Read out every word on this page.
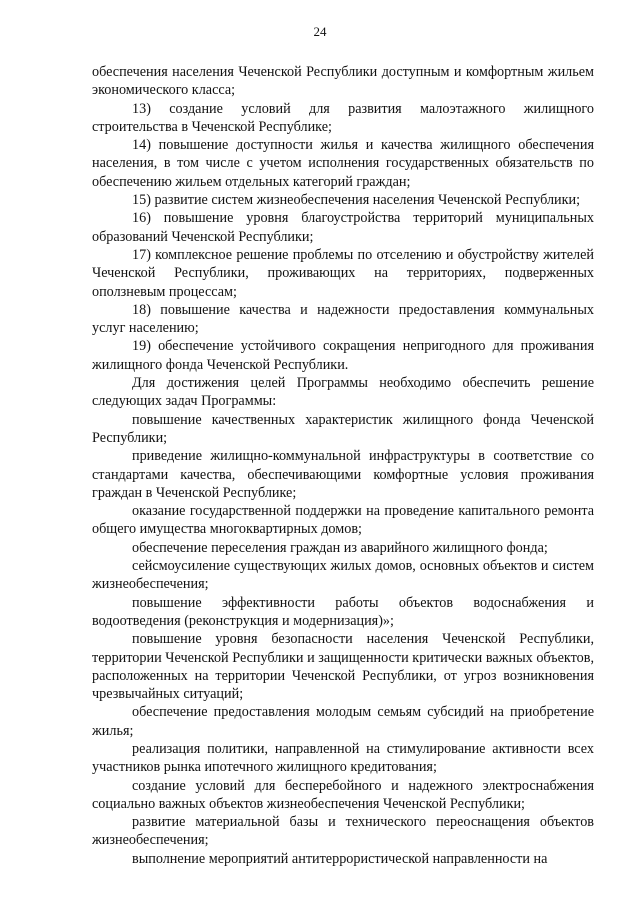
24

обеспечения населения Чеченской Республики доступным и комфортным жильем экономического класса;

13) создание условий для развития малоэтажного жилищного строительства в Чеченской Республике;

14) повышение доступности жилья и качества жилищного обеспечения населения, в том числе с учетом исполнения государственных обязательств по обеспечению жильем отдельных категорий граждан;

15) развитие систем жизнеобеспечения населения Чеченской Республики;

16) повышение уровня благоустройства территорий муниципальных образований Чеченской Республики;

17) комплексное решение проблемы по отселению и обустройству жителей Чеченской Республики, проживающих на территориях, подверженных оползневым процессам;

18) повышение качества и надежности предоставления коммунальных услуг населению;

19) обеспечение устойчивого сокращения непригодного для проживания жилищного фонда Чеченской Республики.

Для достижения целей Программы необходимо обеспечить решение следующих задач Программы:

повышение качественных характеристик жилищного фонда Чеченской Республики;

приведение жилищно-коммунальной инфраструктуры в соответствие со стандартами качества, обеспечивающими комфортные условия проживания граждан в Чеченской Республике;

оказание государственной поддержки на проведение капитального ремонта общего имущества многоквартирных домов;

обеспечение переселения граждан из аварийного жилищного фонда;

сейсмоусиление существующих жилых домов, основных объектов и систем жизнеобеспечения;

повышение эффективности работы объектов водоснабжения и водоотведения (реконструкция и модернизация)»;

повышение уровня безопасности населения Чеченской Республики, территории Чеченской Республики и защищенности критически важных объектов, расположенных на территории Чеченской Республики, от угроз возникновения чрезвычайных ситуаций;

обеспечение предоставления молодым семьям субсидий на приобретение жилья;

реализация политики, направленной на стимулирование активности всех участников рынка ипотечного жилищного кредитования;

создание условий для бесперебойного и надежного электроснабжения социально важных объектов жизнеобеспечения Чеченской Республики;

развитие материальной базы и технического переоснащения объектов жизнеобеспечения;

выполнение мероприятий антитеррористической направленности на
